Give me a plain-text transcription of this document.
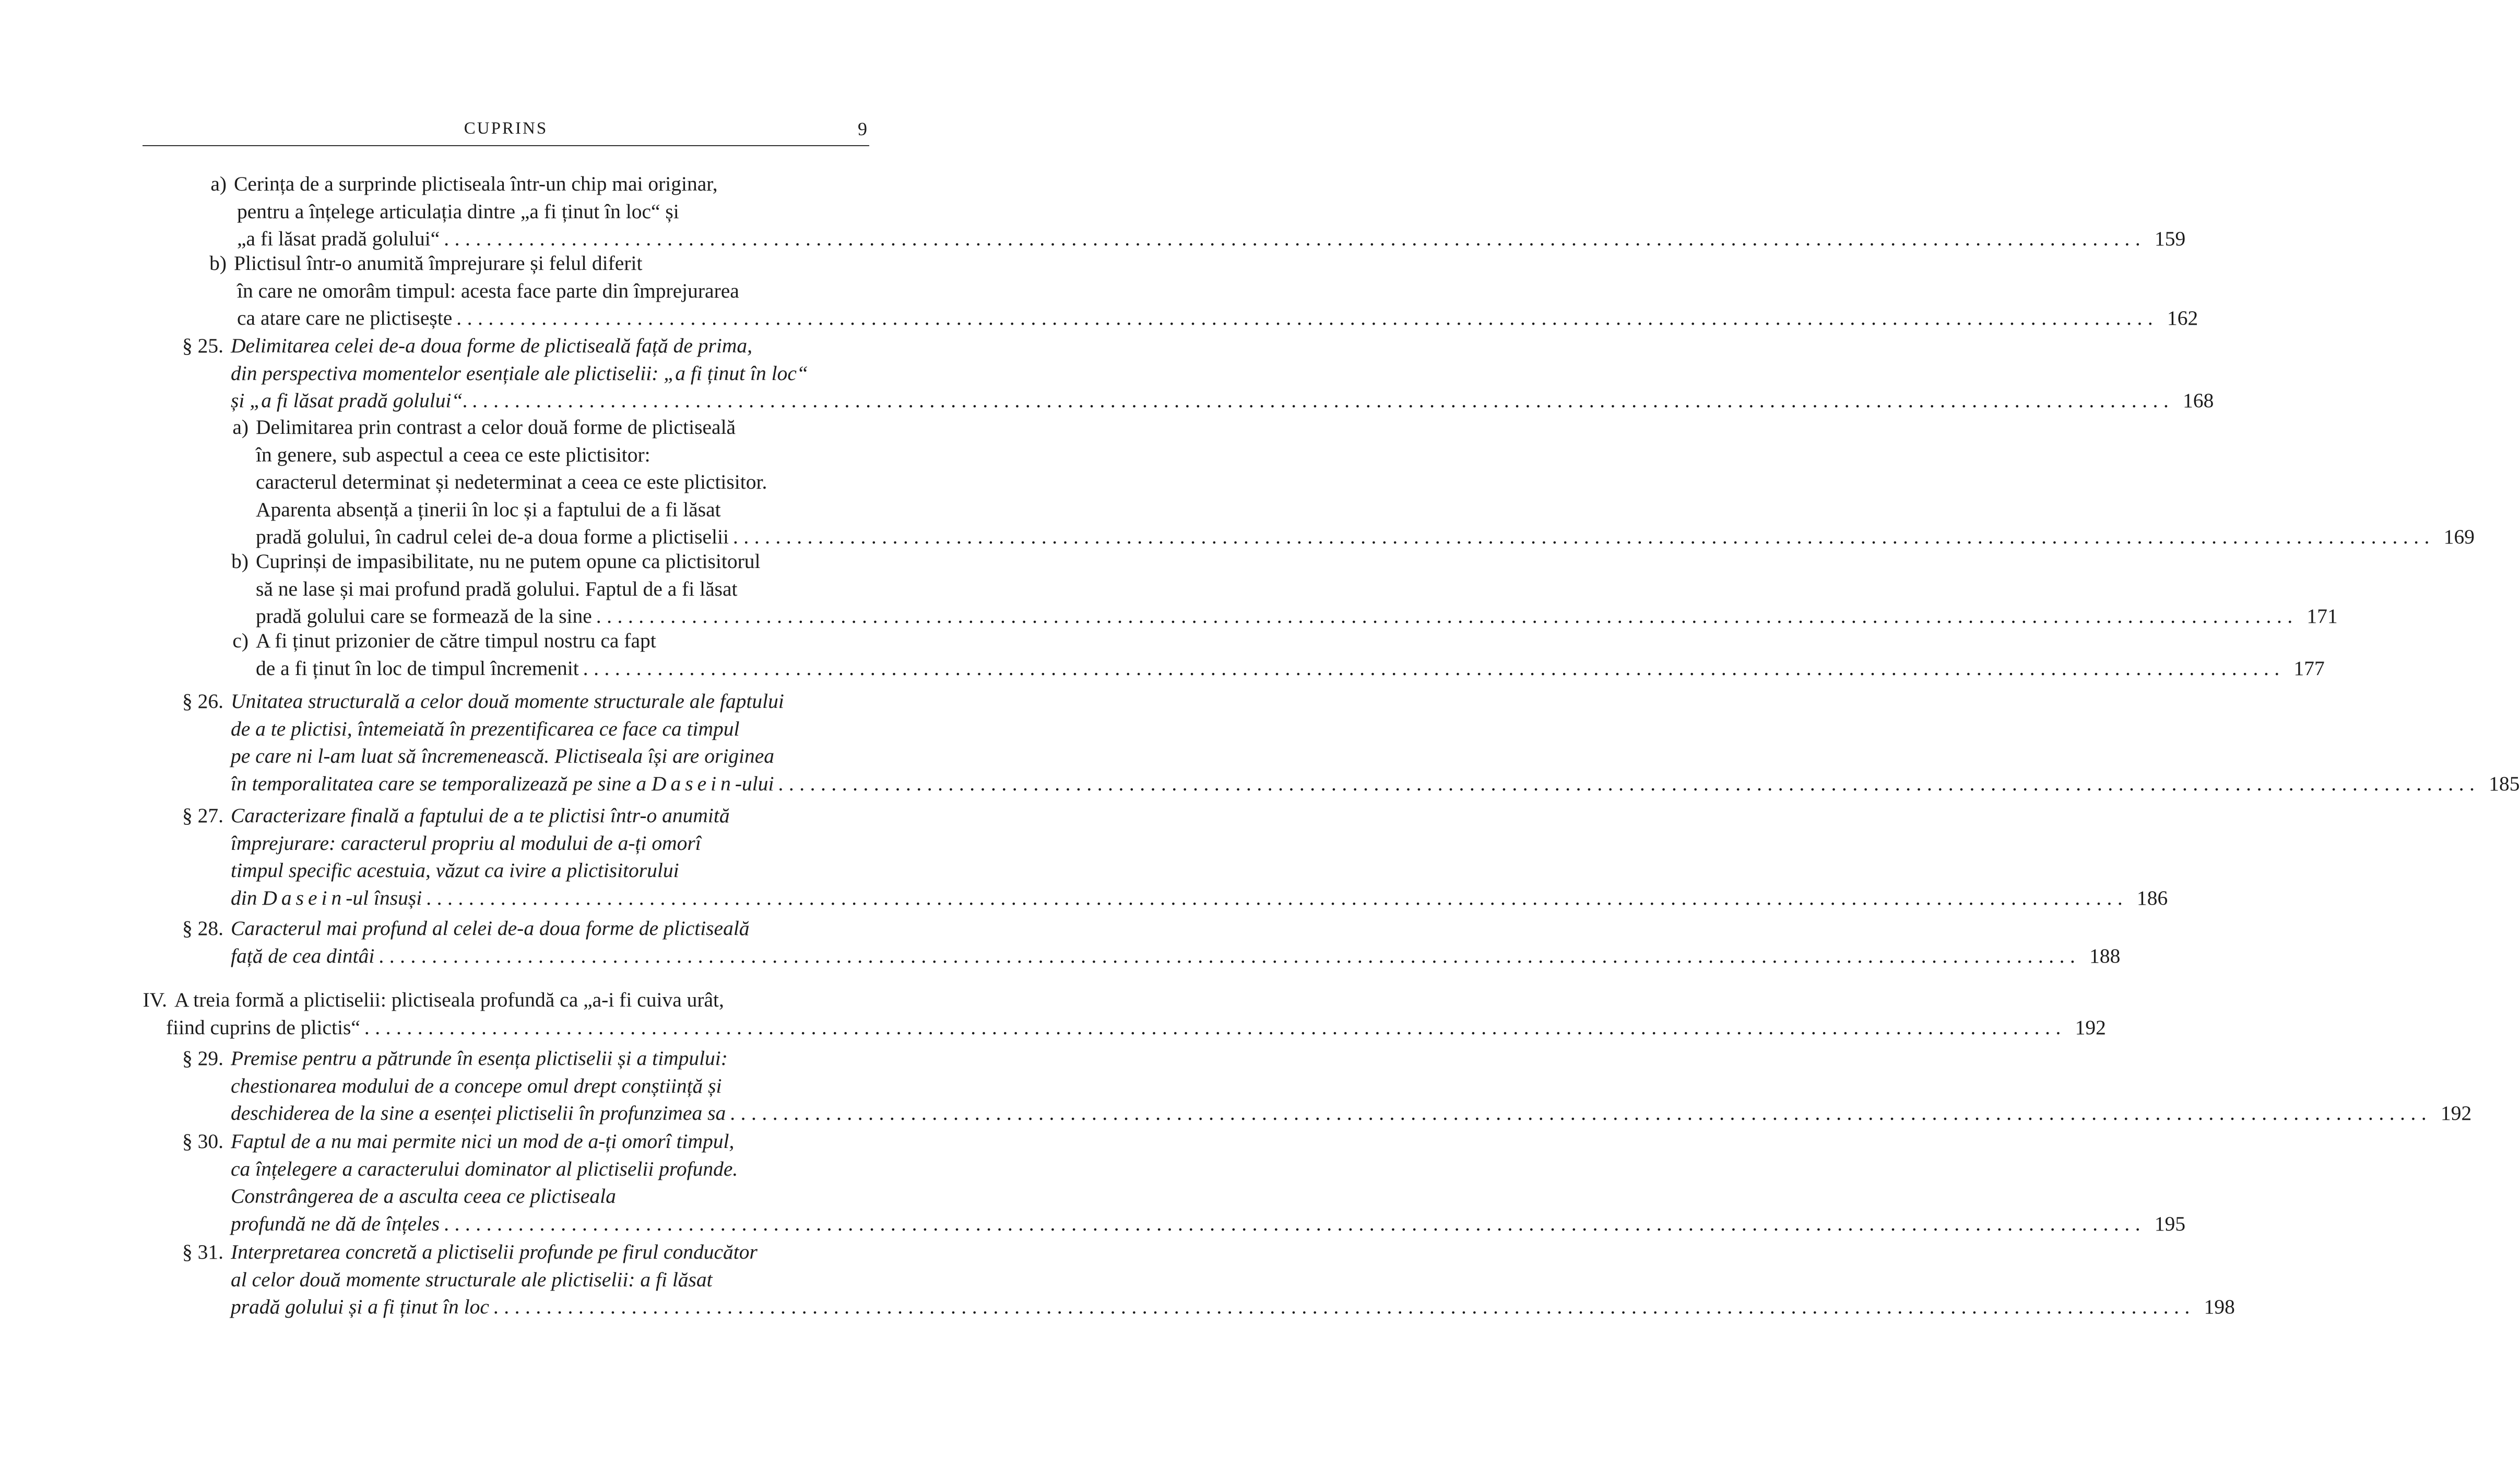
CUPRINS	9
a) Cerința de a surprinde plictiseala într-un chip mai originar,
pentru a înțelege articulația dintre „a fi ținut în loc“ și
„a fi lăsat pradă golului“ ................................................................................................................................................................ 159
b) Plictisul într-o anumită împrejurare și felul diferit
în care ne omorâm timpul: acesta face parte din împrejurarea
ca atare care ne plictisește ................................................................................................................................................................ 162
§ 25. Delimitarea celei de-a doua forme de plictiseală față de prima,
din perspectiva momentelor esențiale ale plictiselii: „a fi ținut în loc“
și „a fi lăsat pradă golului“. ................................................................................................................................................................ 168
a) Delimitarea prin contrast a celor două forme de plictiseală
în genere, sub aspectul a ceea ce este plictisitor:
caracterul determinat și nedeterminat a ceea ce este plictisitor.
Aparenta absență a ținerii în loc și a faptului de a fi lăsat
pradă golului, în cadrul celei de-a doua forme a plictiselii ................................................................................................................................................................ 169
b) Cuprinși de impasibilitate, nu ne putem opune ca plictisitorul
să ne lase și mai profund pradă golului. Faptul de a fi lăsat
pradă golului care se formează de la sine ................................................................................................................................................................ 171
c) A fi ținut prizonier de către timpul nostru ca fapt
de a fi ținut în loc de timpul încremenit ................................................................................................................................................................ 177
§ 26. Unitatea structurală a celor două momente structurale ale faptului
de a te plictisi, întemeiată în prezentificarea ce face ca timpul
pe care ni l-am luat să încremenească. Plictiseala își are originea
în temporalitatea care se temporalizează pe sine a Dasein-ului ................................................................................................................................................................ 185
§ 27. Caracterizare finală a faptului de a te plictisi într-o anumită
împrejurare: caracterul propriu al modului de a-ți omorî
timpul specific acestuia, văzut ca ivire a plictisitorului
din Dasein-ul însuși ................................................................................................................................................................ 186
§ 28. Caracterul mai profund al celei de-a doua forme de plictiseală
față de cea dintâi ................................................................................................................................................................ 188
IV. A treia formă a plictiselii: plictiseala profundă ca „a-i fi cuiva urât,
fiind cuprins de plictis“ ................................................................................................................................................................ 192
§ 29. Premise pentru a pătrunde în esența plictiselii și a timpului:
chestionarea modului de a concepe omul drept conștiință și
deschiderea de la sine a esenței plictiselii în profunzimea sa ................................................................................................................................................................ 192
§ 30. Faptul de a nu mai permite nici un mod de a-ți omorî timpul,
ca înțelegere a caracterului dominator al plictiselii profunde.
Constrângerea de a asculta ceea ce plictiseala
profundă ne dă de înțeles ................................................................................................................................................................ 195
§ 31. Interpretarea concretă a plictiselii profunde pe firul conducător
al celor două momente structurale ale plictiselii: a fi lăsat
pradă golului și a fi ținut în loc ................................................................................................................................................................ 198
